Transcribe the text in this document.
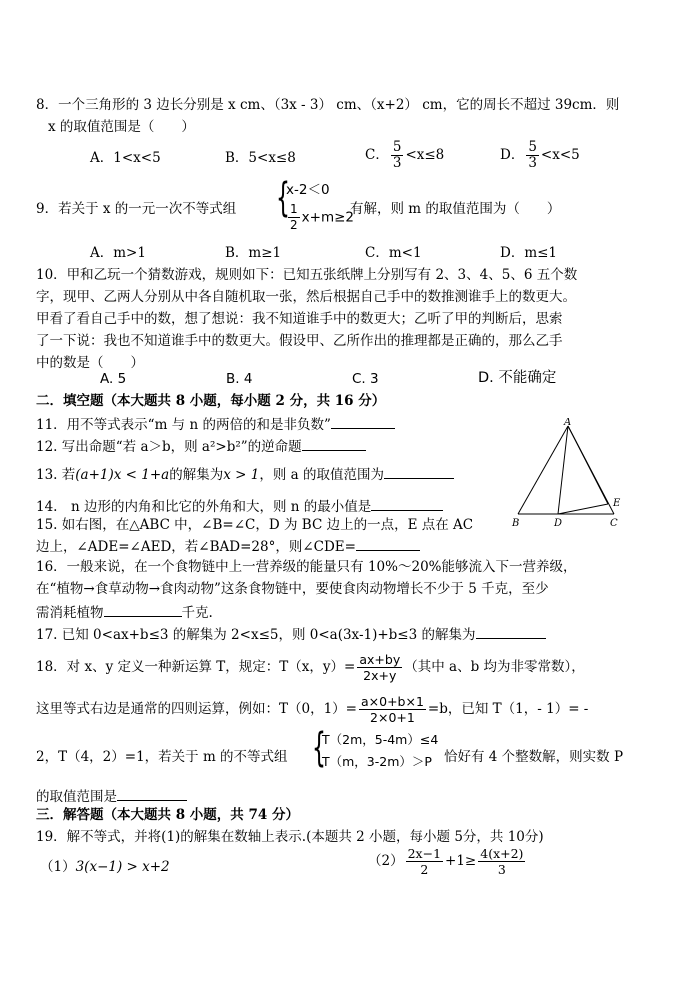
8．一个三角形的 3 边长分别是 x cm、（3x - 3） cm、（x+2） cm，它的周长不超过 39cm．则
x 的取值范围是（　　）
A．1<x<5	B．5<x≤8	C． $\frac{5}{3} <x\le 8$	D． $\frac{5}{3} <x<5$
9．若关于 x 的一元一次不等式组 {
x-2＜0
$\frac{1}{2} x+m\ge 2$
有解，则 m 的取值范围为（　　）
A．m>1	B．m≥1	C．m<1	D．m≤1
10．甲和乙玩一个猜数游戏，规则如下：已知五张纸牌上分别写有 2、3、4、5、6 五个数
字，现甲、乙两人分别从中各自随机取一张，然后根据自己手中的数推测谁手上的数更大。
甲看了看自己手中的数，想了想说：我不知道谁手中的数更大；乙听了甲的判断后，思索
了一下说：我也不知道谁手中的数更大。假设甲、乙所作出的推理都是正确的，那么乙手
中的数是（　　）
A. 5	B. 4	C. 3	D. 不能确定
二．填空题（本大题共 8 小题，每小题 2 分，共 16 分）
11．用不等式表示“m 与 n 的两倍的和是非负数”
12. 写出命题“若 a＞b，则 a²>b²”的逆命题
13. 若(a+1)x < 1+a的解集为x > 1，则 a 的取值范围为
14.　n 边形的内角和比它的外角和大，则 n 的最小值是
15. 如右图，在△ABC 中，∠B=∠C，D 为 BC 边上的一点，E 点在 AC
边上，∠ADE=∠AED，若∠BAD=28°，则∠CDE=
A
B	D	C
E
16．一般来说，在一个食物链中上一营养级的能量只有 10%～20%能够流入下一营养级，
在“植物→食草动物→食肉动物”这条食物链中，要使食肉动物增长不少于 5 千克，至少
需消耗植物	千克.
17. 已知 0<ax+b≤3 的解集为 2<x≤5，则 0<a(3x-1)+b≤3 的解集为
18．对 x、y 定义一种新运算 T，规定：T（x，$y)= \frac{ax+by}{2x+y}$ （其中 a、b 均为非零常数），
这里等式右边是通常的四则运算，例如：T（0，$1)= \frac{a\times 0+b\times 1}{2\times 0+1} =b$，已知 T（1，- 1）= -
2，T（4，2）=1，若关于 m 的不等式组 {
T（2m，5-4m）≤4
T（m，3-2m）＞P 恰好有 4 个整数解，则实数 P
的取值范围是
三．解答题（本大题共 8 小题，共 74 分）
19．解不等式，并将(1)的解集在数轴上表示.(本题共 2 小题，每小题 5分，共 10分)
（1）3(x−1) > x+2	$(2) \frac{2x-1}{2} +1\ge \frac{4(x+2)}{3}$
